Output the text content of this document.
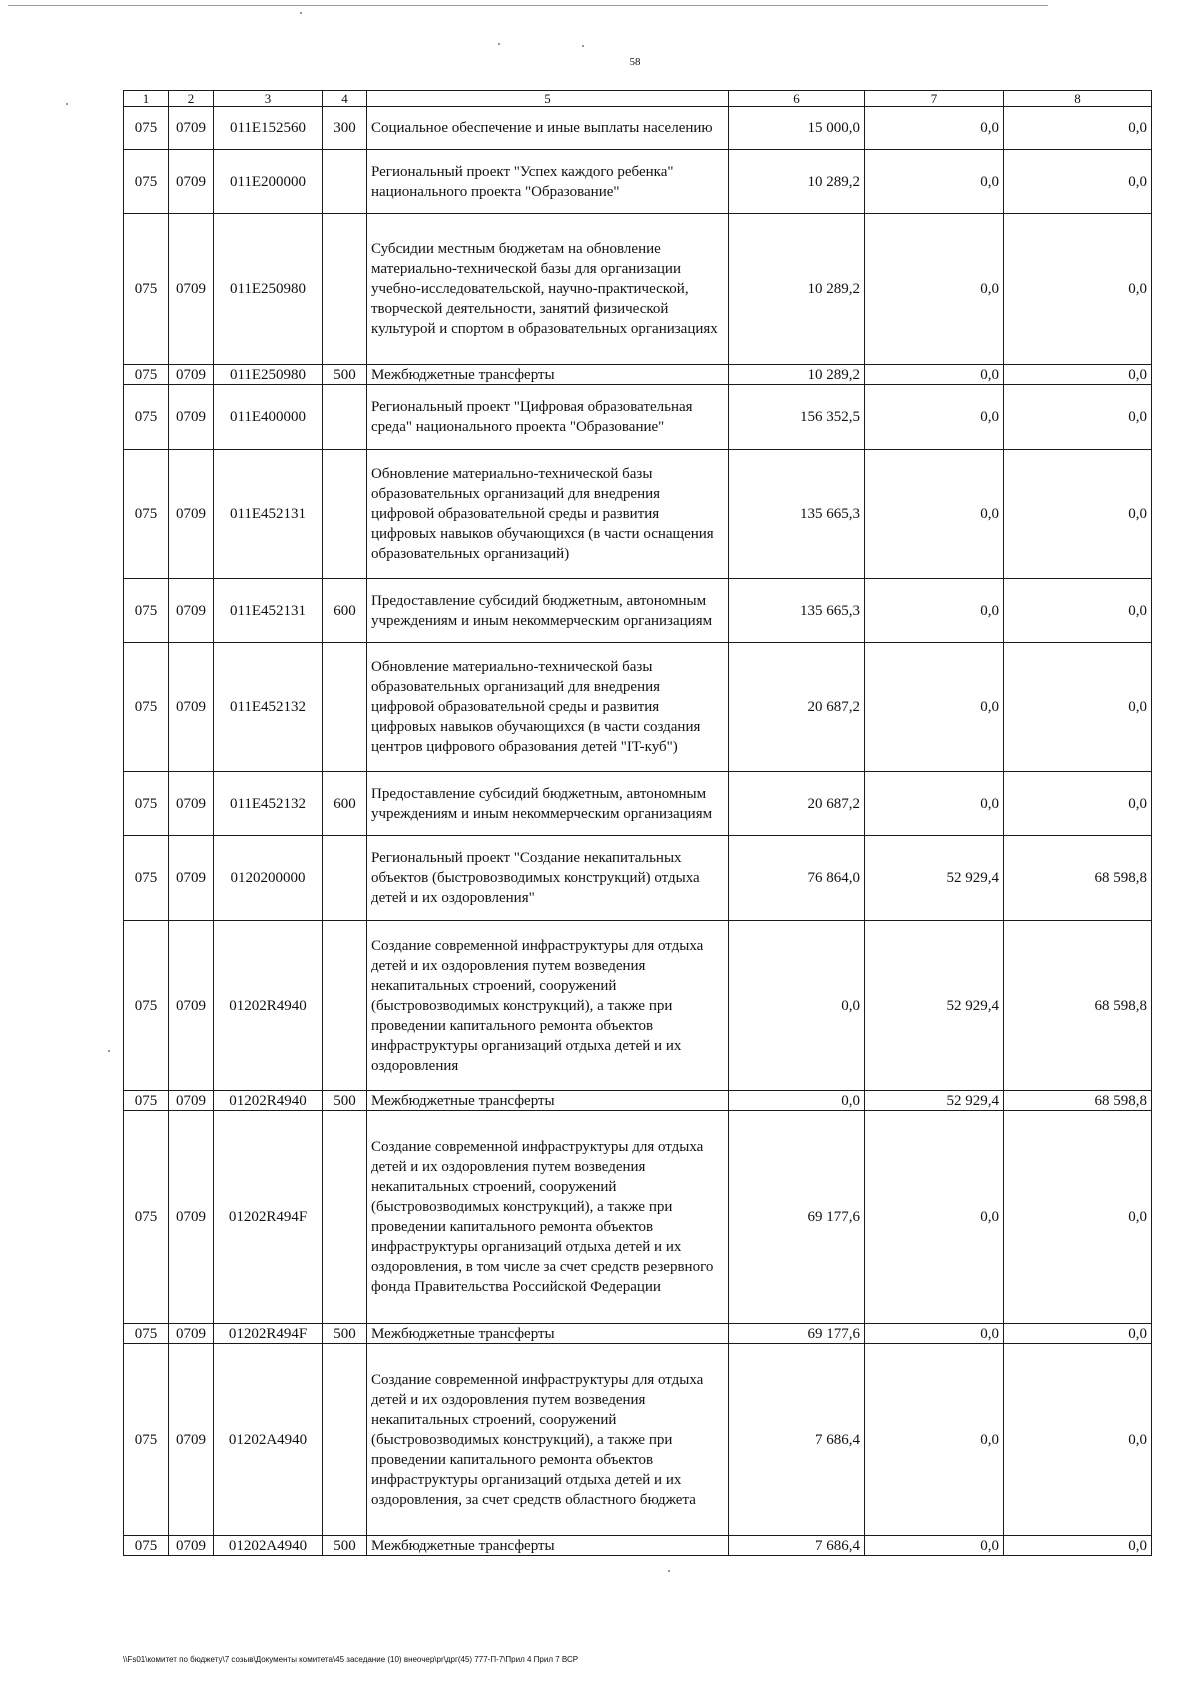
58
1	2	3	4	5	6	7	8
075	0709	011E152560	300	Социальное обеспечение и иные выплаты населению	15 000,0	0,0	0,0
075	0709	011E200000		Региональный проект "Успех каждого ребенка" национального проекта "Образование"	10 289,2	0,0	0,0
075	0709	011E250980		Субсидии местным бюджетам на обновление материально-технической базы для организации учебно-исследовательской, научно-практической, творческой деятельности, занятий физической культурой и спортом в образовательных организациях	10 289,2	0,0	0,0
075	0709	011E250980	500	Межбюджетные трансферты	10 289,2	0,0	0,0
075	0709	011E400000		Региональный проект "Цифровая образовательная среда" национального проекта "Образование"	156 352,5	0,0	0,0
075	0709	011E452131		Обновление материально-технической базы образовательных организаций для внедрения цифровой образовательной среды и развития цифровых навыков обучающихся (в части оснащения образовательных организаций)	135 665,3	0,0	0,0
075	0709	011E452131	600	Предоставление субсидий бюджетным, автономным учреждениям и иным некоммерческим организациям	135 665,3	0,0	0,0
075	0709	011E452132		Обновление материально-технической базы образовательных организаций для внедрения цифровой образовательной среды и развития цифровых навыков обучающихся (в части создания центров цифрового образования детей "IT-куб")	20 687,2	0,0	0,0
075	0709	011E452132	600	Предоставление субсидий бюджетным, автономным учреждениям и иным некоммерческим организациям	20 687,2	0,0	0,0
075	0709	0120200000		Региональный проект "Создание некапитальных объектов (быстровозводимых конструкций) отдыха детей и их оздоровления"	76 864,0	52 929,4	68 598,8
075	0709	01202R4940		Создание современной инфраструктуры для отдыха детей и их оздоровления путем возведения некапитальных строений, сооружений (быстровозводимых конструкций), а также при проведении капитального ремонта объектов инфраструктуры организаций отдыха детей и их оздоровления	0,0	52 929,4	68 598,8
075	0709	01202R4940	500	Межбюджетные трансферты	0,0	52 929,4	68 598,8
075	0709	01202R494F		Создание современной инфраструктуры для отдыха детей и их оздоровления путем возведения некапитальных строений, сооружений (быстровозводимых конструкций), а также при проведении капитального ремонта объектов инфраструктуры организаций отдыха детей и их оздоровления, в том числе за счет средств резервного фонда Правительства Российской Федерации	69 177,6	0,0	0,0
075	0709	01202R494F	500	Межбюджетные трансферты	69 177,6	0,0	0,0
075	0709	01202A4940		Создание современной инфраструктуры для отдыха детей и их оздоровления путем возведения некапитальных строений, сооружений (быстровозводимых конструкций), а также при проведении капитального ремонта объектов инфраструктуры организаций отдыха детей и их оздоровления, за счет средств областного бюджета	7 686,4	0,0	0,0
075	0709	01202A4940	500	Межбюджетные трансферты	7 686,4	0,0	0,0
\\Fs01\комитет по бюджету\7 созыв\Документы комитета\45 заседание (10) внеочер\pr\дрг(45) 777-П-7\Прил 4 Прил 7 ВСР
